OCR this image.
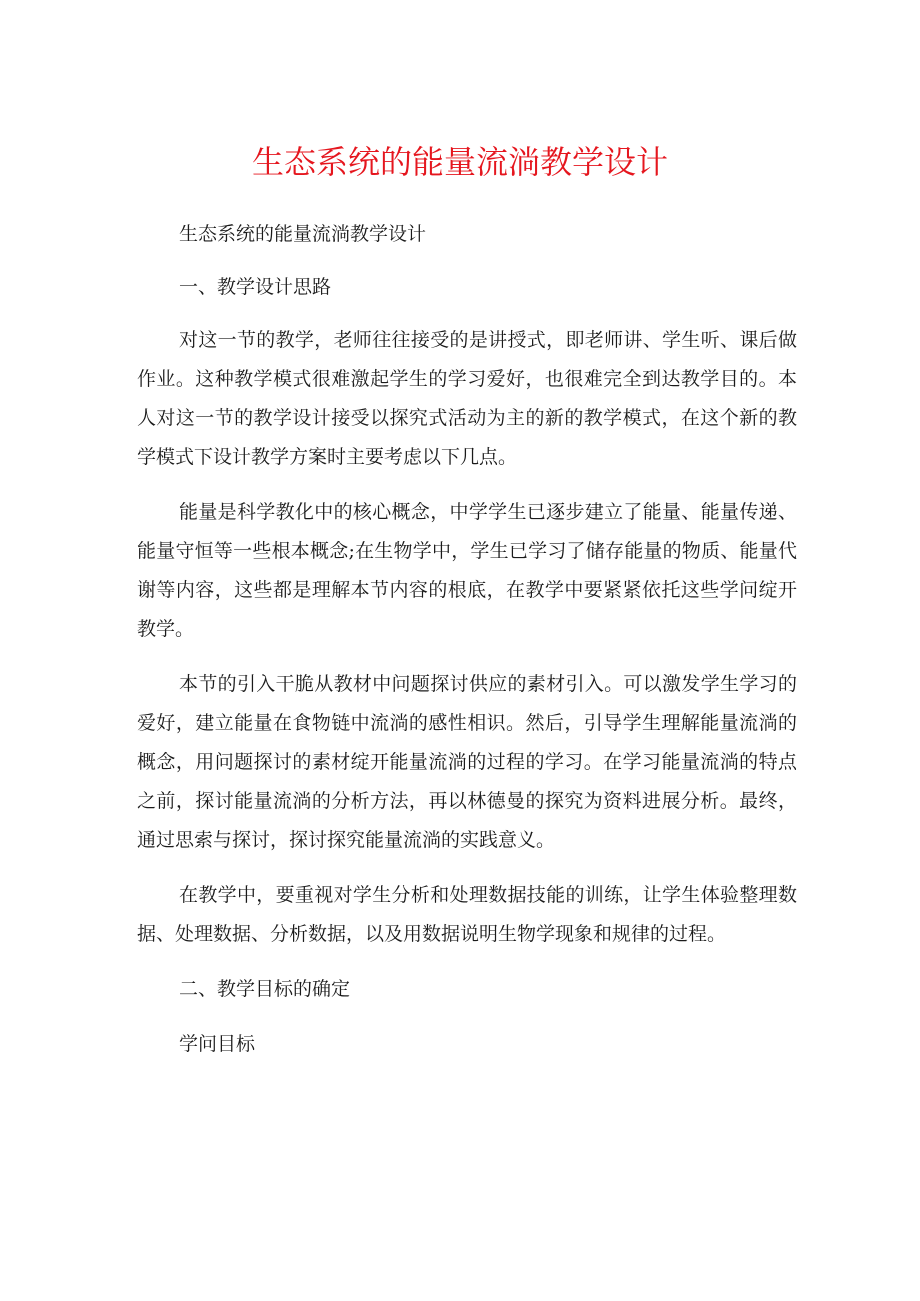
生态系统的能量流淌教学设计

生态系统的能量流淌教学设计

一、教学设计思路

对这一节的教学，老师往往接受的是讲授式，即老师讲、学生听、课后做作业。这种教学模式很难激起学生的学习爱好，也很难完全到达教学目的。本人对这一节的教学设计接受以探究式活动为主的新的教学模式，在这个新的教学模式下设计教学方案时主要考虑以下几点。

能量是科学教化中的核心概念，中学学生已逐步建立了能量、能量传递、能量守恒等一些根本概念;在生物学中，学生已学习了储存能量的物质、能量代谢等内容，这些都是理解本节内容的根底，在教学中要紧紧依托这些学问绽开教学。

本节的引入干脆从教材中问题探讨供应的素材引入。可以激发学生学习的爱好，建立能量在食物链中流淌的感性相识。然后，引导学生理解能量流淌的概念，用问题探讨的素材绽开能量流淌的过程的学习。在学习能量流淌的特点之前，探讨能量流淌的分析方法，再以林德曼的探究为资料进展分析。最终，通过思索与探讨，探讨探究能量流淌的实践意义。

在教学中，要重视对学生分析和处理数据技能的训练，让学生体验整理数据、处理数据、分析数据，以及用数据说明生物学现象和规律的过程。

二、教学目标的确定

学问目标
